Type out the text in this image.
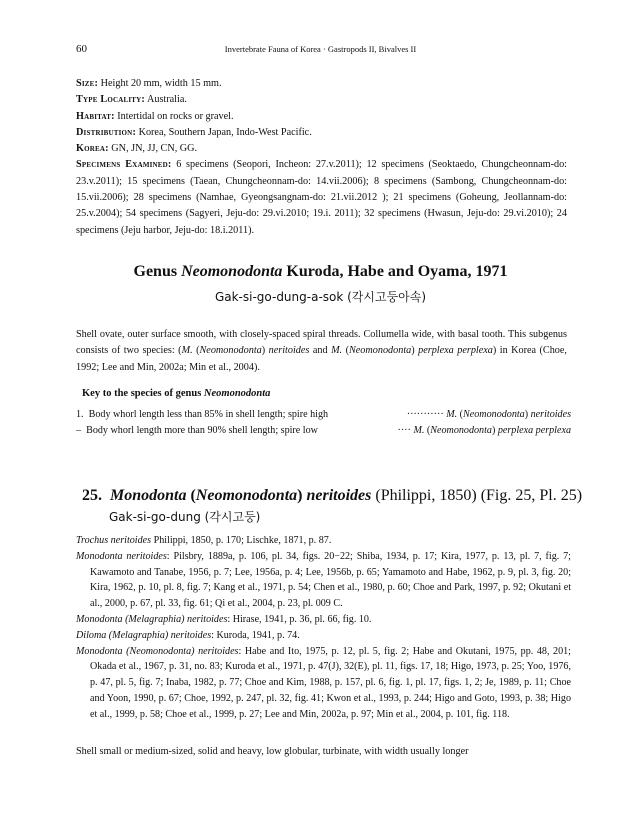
60	Invertebrate Fauna of Korea · Gastropods II, Bivalves II
Size: Height 20 mm, width 15 mm.
Type Locality: Australia.
Habitat: Intertidal on rocks or gravel.
Distribution: Korea, Southern Japan, Indo-West Pacific.
Korea: GN, JN, JJ, CN, GG.
Specimens Examined: 6 specimens (Seopori, Incheon: 27.v.2011); 12 specimens (Seoktaedo, Chungcheonnam-do: 23.v.2011); 15 specimens (Taean, Chungcheonnam-do: 14.vii.2006); 8 specimens (Sambong, Chungcheonnam-do: 15.vii.2006); 28 specimens (Namhae, Gyeongsangnam-do: 21.vii.2012 ); 21 specimens (Goheung, Jeollannam-do: 25.v.2004); 54 specimens (Sagyeri, Jeju-do: 29.vi.2010; 19.i. 2011); 32 specimens (Hwasun, Jeju-do: 29.vi.2010); 24 specimens (Jeju harbor, Jeju-do: 18.i.2011).
Genus Neomonodonta Kuroda, Habe and Oyama, 1971
Gak-si-go-dung-a-sok (각시고둥아속)
Shell ovate, outer surface smooth, with closely-spaced spiral threads. Collumella wide, with basal tooth. This subgenus consists of two species: (M. (Neomonodonta) neritoides and M. (Neomonodonta) perplexa perplexa) in Korea (Choe, 1992; Lee and Min, 2002a; Min et al., 2004).
Key to the species of genus Neomonodonta
1. Body whorl length less than 85% in shell length; spire high	··········· M. (Neomonodonta) neritoides
– Body whorl length more than 90% shell length; spire low	···· M. (Neomonodonta) perplexa perplexa
25. Monodonta (Neomonodonta) neritoides (Philippi, 1850) (Fig. 25, Pl. 25)
Gak-si-go-dung (각시고둥)

Trochus neritoides Philippi, 1850, p. 170; Lischke, 1871, p. 87.

Monodonta neritoides: Pilsbry, 1889a, p. 106, pl. 34, figs. 20−22; Shiba, 1934, p. 17; Kira, 1977, p. 13, pl. 7, fig. 7; Kawamoto and Tanabe, 1956, p. 7; Lee, 1956a, p. 4; Lee, 1956b, p. 65; Yamamoto and Habe, 1962, p. 9, pl. 3, fig. 20; Kira, 1962, p. 10, pl. 8, fig. 7; Kang et al., 1971, p. 54; Chen et al., 1980, p. 60; Choe and Park, 1997, p. 92; Okutani et al., 2000, p. 67, pl. 33, fig. 61; Qi et al., 2004, p. 23, pl. 009 C.

Monodonta (Melagraphia) neritoides: Hirase, 1941, p. 36, pl. 66, fig. 10.

Diloma (Melagraphia) neritoides: Kuroda, 1941, p. 74.

Monodonta (Neomonodonta) neritoides: Habe and Ito, 1975, p. 12, pl. 5, fig. 2; Habe and Okutani, 1975, pp. 48, 201; Okada et al., 1967, p. 31, no. 83; Kuroda et al., 1971, p. 47(J), 32(E), pl. 11, figs. 17, 18; Higo, 1973, p. 25; Yoo, 1976, p. 47, pl. 5, fig. 7; Inaba, 1982, p. 77; Choe and Kim, 1988, p. 157, pl. 6, fig. 1, pl. 17, figs. 1, 2; Je, 1989, p. 11; Choe and Yoon, 1990, p. 67; Choe, 1992, p. 247, pl. 32, fig. 41; Kwon et al., 1993, p. 244; Higo and Goto, 1993, p. 38; Higo et al., 1999, p. 58; Choe et al., 1999, p. 27; Lee and Min, 2002a, p. 97; Min et al., 2004, p. 101, fig. 118.

Shell small or medium-sized, solid and heavy, low globular, turbinate, with width usually longer
